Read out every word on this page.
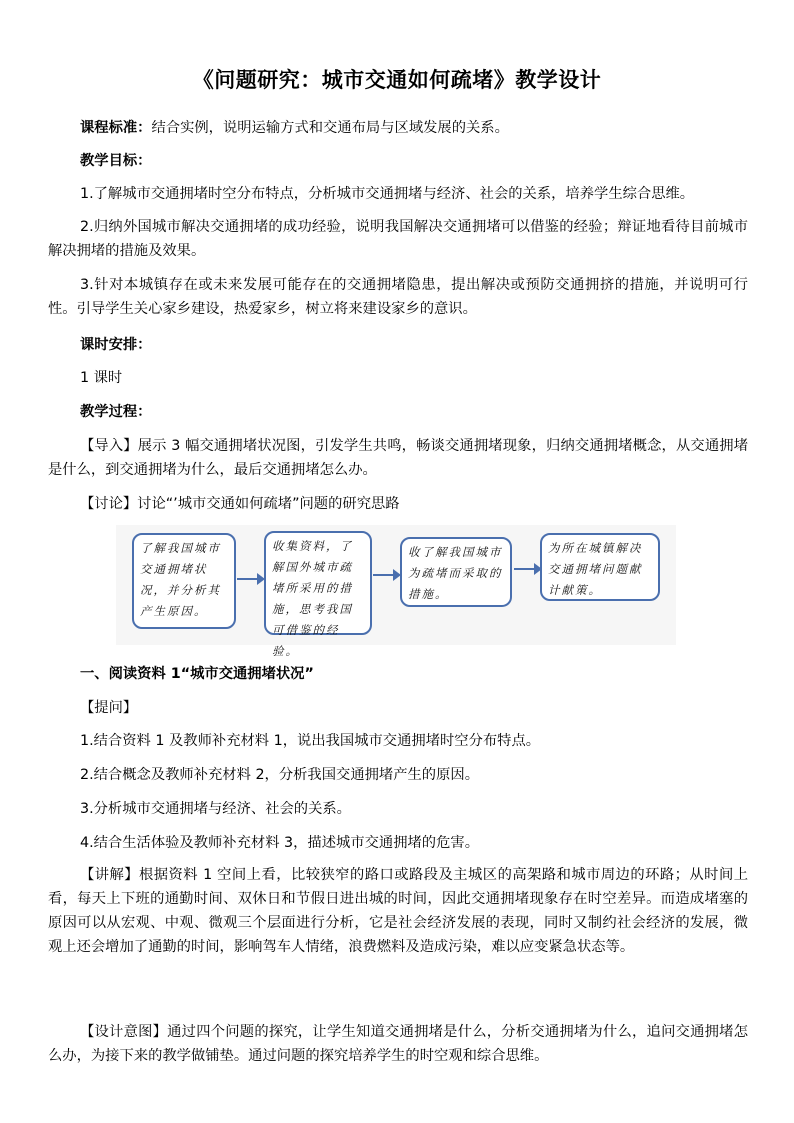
《问题研究：城市交通如何疏堵》教学设计
课程标准：结合实例，说明运输方式和交通布局与区域发展的关系。
教学目标：
1.了解城市交通拥堵时空分布特点，分析城市交通拥堵与经济、社会的关系，培养学生综合思维。
2.归纳外国城市解决交通拥堵的成功经验，说明我国解决交通拥堵可以借鉴的经验；辩证地看待目前城市解决拥堵的措施及效果。
3.针对本城镇存在或未来发展可能存在的交通拥堵隐患，提出解决或预防交通拥挤的措施，并说明可行性。引导学生关心家乡建设，热爱家乡，树立将来建设家乡的意识。
课时安排：
1 课时
教学过程：
【导入】展示 3 幅交通拥堵状况图，引发学生共鸣，畅谈交通拥堵现象，归纳交通拥堵概念，从交通拥堵是什么，到交通拥堵为什么，最后交通拥堵怎么办。
【讨论】讨论“’城市交通如何疏堵”问题的研究思路
了解我国城市交通拥堵状况，并分析其产生原因。
收集资料，了解国外城市疏堵所采用的措施，思考我国可借鉴的经验。
收了解我国城市为疏堵而采取的措施。
为所在城镇解决交通拥堵问题献计献策。
一、阅读资料 1“城市交通拥堵状况”
【提问】
1.结合资料 1 及教师补充材料 1，说出我国城市交通拥堵时空分布特点。
2.结合概念及教师补充材料 2，分析我国交通拥堵产生的原因。
3.分析城市交通拥堵与经济、社会的关系。
4.结合生活体验及教师补充材料 3，描述城市交通拥堵的危害。
【讲解】根据资料 1 空间上看，比较狭窄的路口或路段及主城区的高架路和城市周边的环路；从时间上看，每天上下班的通勤时间、双休日和节假日进出城的时间，因此交通拥堵现象存在时空差异。而造成堵塞的原因可以从宏观、中观、微观三个层面进行分析，它是社会经济发展的表现，同时又制约社会经济的发展，微观上还会增加了通勤的时间，影响驾车人情绪，浪费燃料及造成污染，难以应变紧急状态等。
【设计意图】通过四个问题的探究，让学生知道交通拥堵是什么，分析交通拥堵为什么，追问交通拥堵怎么办，为接下来的教学做铺垫。通过问题的探究培养学生的时空观和综合思维。
